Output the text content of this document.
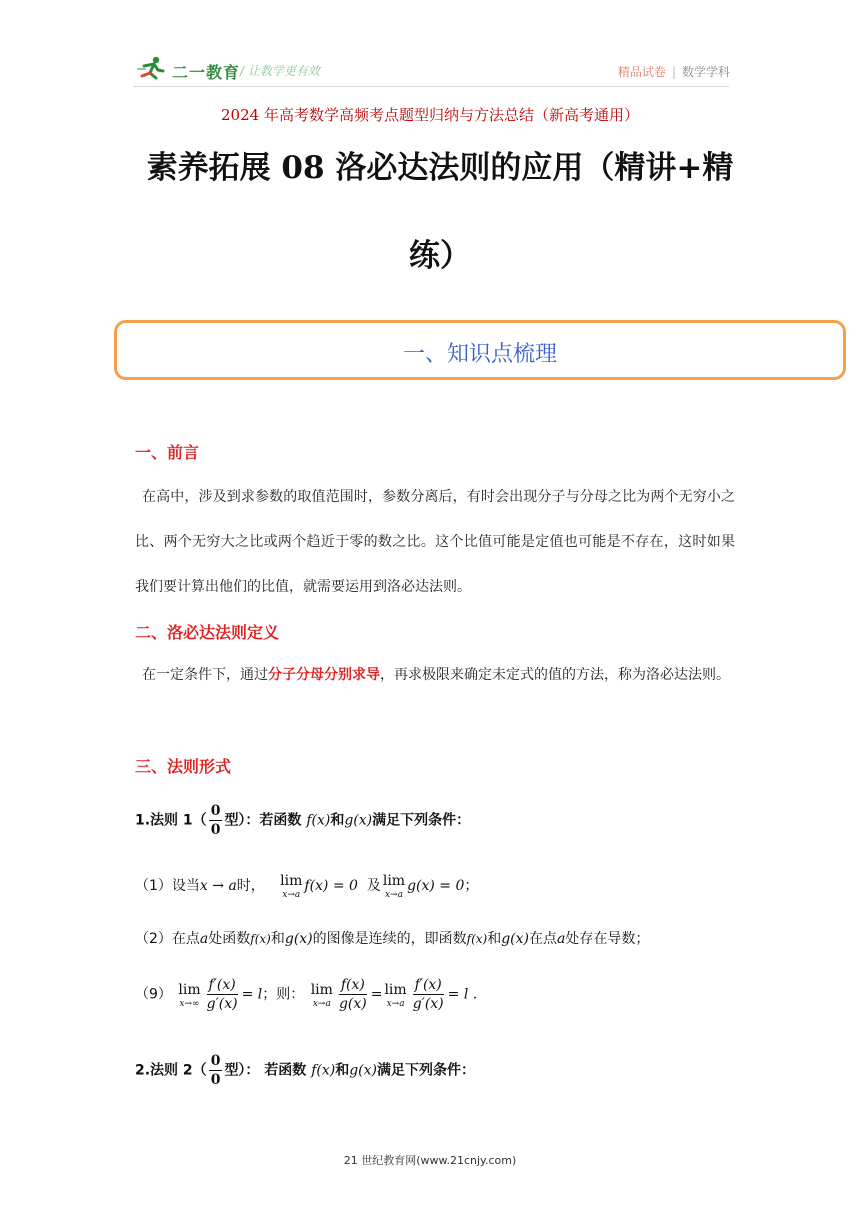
二一教育 / 让教学更有效	精品试卷 | 数学学科
2024 年高考数学高频考点题型归纳与方法总结（新高考通用）
素养拓展 08 洛必达法则的应用（精讲+精练）
一、知识点梳理
一、前言
在高中，涉及到求参数的取值范围时，参数分离后，有时会出现分子与分母之比为两个无穷小之比、两个无穷大之比或两个趋近于零的数之比。这个比值可能是定值也可能是不存在，这时如果我们要计算出他们的比值，就需要运用到洛必达法则。
二、洛必达法则定义
在一定条件下，通过分子分母分别求导，再求极限来确定未定式的值的方法，称为洛必达法则。
三、法则形式
1.法则 $1( \frac{0}{0}$ 型）：若函数 f(x)和g(x)满足下列条件：
（1）设当x → a时， lim
x→a
f(x) = 0 及 lim
x→a
g(x) = 0；
（2）在点a处函数f(x)和g(x)的图像是连续的，即函数f(x)和g(x)在点a处存在导数；
（9） lim
$x\to\infty \frac{f'(x)}{g'(x)} = l$；则： lim
$x\to a \frac{f(x)}{g(x)} = \lim$
$x\to a \frac{f'(x)}{g'(x)} = l$ .
2.法则 $2( \frac{0}{0}$ 型）： 若函数 f(x)和g(x)满足下列条件：
21 世纪教育网(www.21cnjy.com)
